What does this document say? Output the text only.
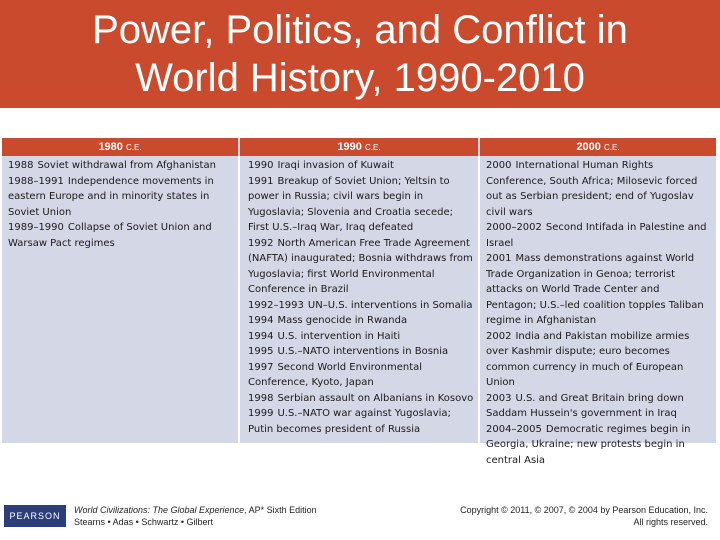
Power, Politics, and Conflict in
World History, 1990-2010
1980 C.E.	1990 C.E.	2000 C.E.
1988 Soviet withdrawal from Afghanistan
1988–1991 Independence movements in eastern Europe and in minority states in Soviet Union
1989–1990 Collapse of Soviet Union and Warsaw Pact regimes
1990 Iraqi invasion of Kuwait
1991 Breakup of Soviet Union; Yeltsin to power in Russia; civil wars begin in Yugoslavia; Slovenia and Croatia secede; First U.S.–Iraq War, Iraq defeated
1992 North American Free Trade Agreement (NAFTA) inaugurated; Bosnia withdraws from Yugoslavia; first World Environmental Conference in Brazil
1992–1993 UN–U.S. interventions in Somalia
1994 Mass genocide in Rwanda
1994 U.S. intervention in Haiti
1995 U.S.–NATO interventions in Bosnia
1997 Second World Environmental Conference, Kyoto, Japan
1998 Serbian assault on Albanians in Kosovo
1999 U.S.–NATO war against Yugoslavia; Putin becomes president of Russia
2000 International Human Rights Conference, South Africa; Milosevic forced out as Serbian president; end of Yugoslav civil wars
2000–2002 Second Intifada in Palestine and Israel
2001 Mass demonstrations against World Trade Organization in Genoa; terrorist attacks on World Trade Center and Pentagon; U.S.–led coalition topples Taliban regime in Afghanistan
2002 India and Pakistan mobilize armies over Kashmir dispute; euro becomes common currency in much of European Union
2003 U.S. and Great Britain bring down Saddam Hussein's government in Iraq
2004–2005 Democratic regimes begin in Georgia, Ukraine; new protests begin in central Asia
PEARSON
World Civilizations: The Global Experience, AP* Sixth Edition
Stearns • Adas • Schwartz • Gilbert
Copyright © 2011, © 2007, © 2004 by Pearson Education, Inc.
All rights reserved.
